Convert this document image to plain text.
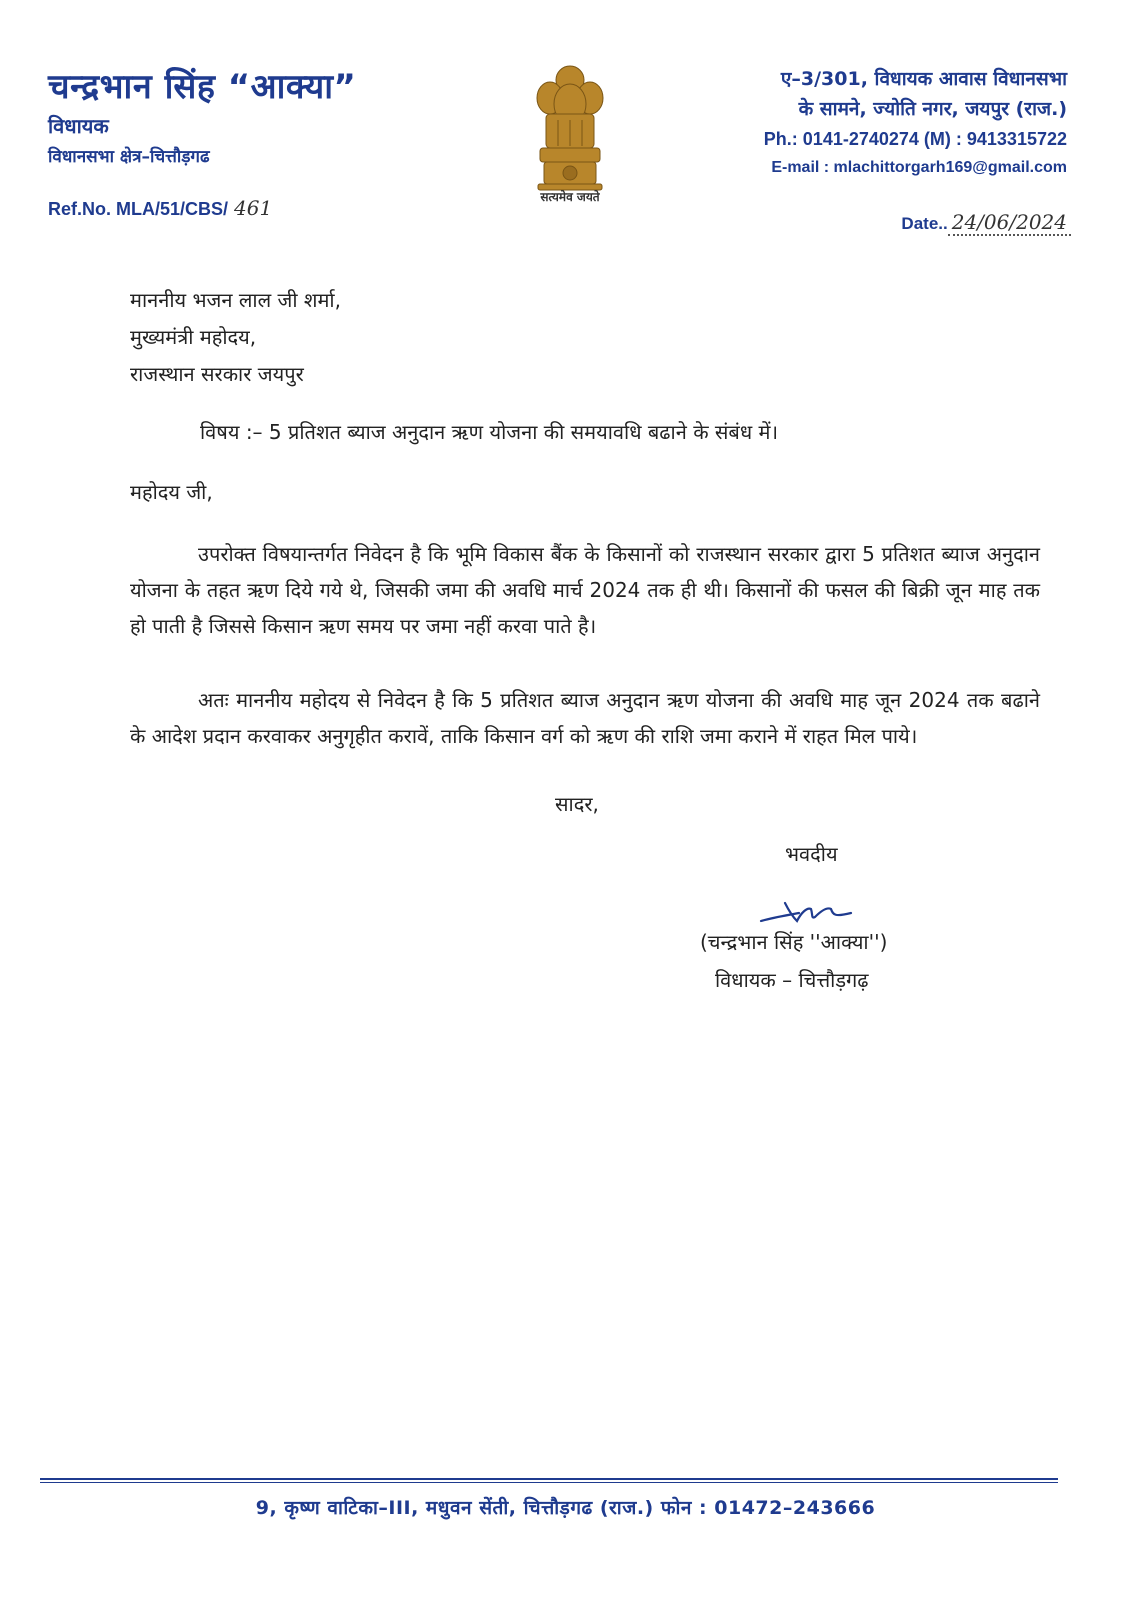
चन्द्रभान सिंह “आक्या”
विधायक
विधानसभा क्षेत्र–चित्तौड़गढ
Ref.No. MLA/51/CBS/ 461	सत्यमेव जयते
ए–3/301, विधायक आवास विधानसभा
के सामने, ज्योति नगर, जयपुर (राज.)
Ph.: 0141-2740274 (M) : 9413315722
E-mail : mlachittorgarh169@gmail.com
Date.. 24/06/2024
माननीय भजन लाल जी शर्मा,
मुख्यमंत्री महोदय,
राजस्थान सरकार जयपुर
विषय :– 5 प्रतिशत ब्याज अनुदान ऋण योजना की समयावधि बढाने के संबंध में।
महोदय जी,
उपरोक्त विषयान्तर्गत निवेदन है कि भूमि विकास बैंक के किसानों को राजस्थान सरकार द्वारा 5 प्रतिशत ब्याज अनुदान योजना के तहत ऋण दिये गये थे, जिसकी जमा की अवधि मार्च 2024 तक ही थी। किसानों की फसल की बिक्री जून माह तक हो पाती है जिससे किसान ऋण समय पर जमा नहीं करवा पाते है।
अतः माननीय महोदय से निवेदन है कि 5 प्रतिशत ब्याज अनुदान ऋण योजना की अवधि माह जून 2024 तक बढाने के आदेश प्रदान करवाकर अनुगृहीत करावें, ताकि किसान वर्ग को ऋण की राशि जमा कराने में राहत मिल पाये।
सादर,
भवदीय
(चन्द्रभान सिंह ''आक्या'')
विधायक – चित्तौड़गढ़
9, कृष्ण वाटिका–III, मधुवन सेंती, चित्तौड़गढ (राज.) फोन : 01472–243666
